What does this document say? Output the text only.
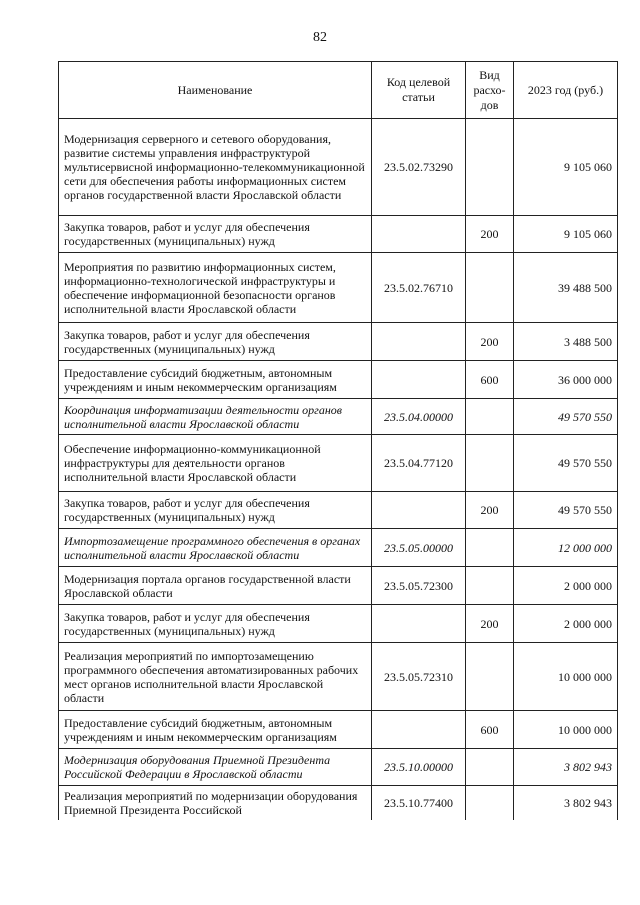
82
Наименование	Код целевой статьи	Вид расхо-дов	2023 год (руб.)
Модернизация серверного и сетевого оборудования, развитие системы управления инфраструктурой мультисервисной информационно-телекоммуникационной сети для обеспечения работы информационных систем органов государственной власти Ярославской области	23.5.02.73290		9 105 060
Закупка товаров, работ и услуг для обеспечения государственных (муниципальных) нужд		200	9 105 060
Мероприятия по развитию информационных систем, информационно-технологической инфраструктуры и обеспечение информационной безопасности органов исполнительной власти Ярославской области	23.5.02.76710		39 488 500
Закупка товаров, работ и услуг для обеспечения государственных (муниципальных) нужд		200	3 488 500
Предоставление субсидий бюджетным, автономным учреждениям и иным некоммерческим организациям		600	36 000 000
Координация информатизации деятельности органов исполнительной власти Ярославской области	23.5.04.00000		49 570 550
Обеспечение информационно-коммуникационной инфраструктуры для деятельности органов исполнительной власти Ярославской области	23.5.04.77120		49 570 550
Закупка товаров, работ и услуг для обеспечения государственных (муниципальных) нужд		200	49 570 550
Импортозамещение программного обеспечения в органах исполнительной власти Ярославской области	23.5.05.00000		12 000 000
Модернизация портала органов государственной власти Ярославской области	23.5.05.72300		2 000 000
Закупка товаров, работ и услуг для обеспечения государственных (муниципальных) нужд		200	2 000 000
Реализация мероприятий по импортозамещению программного обеспечения автоматизированных рабочих мест органов исполнительной власти Ярославской области	23.5.05.72310		10 000 000
Предоставление субсидий бюджетным, автономным учреждениям и иным некоммерческим организациям		600	10 000 000
Модернизация оборудования Приемной Президента Российской Федерации в Ярославской области	23.5.10.00000		3 802 943
Реализация мероприятий по модернизации оборудования Приемной Президента Российской	23.5.10.77400		3 802 943
